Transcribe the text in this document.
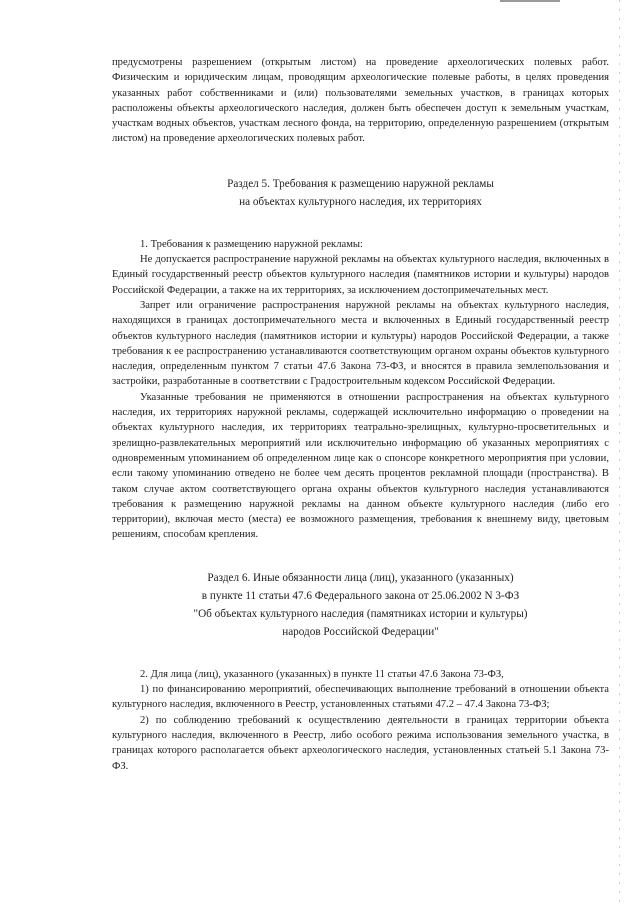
предусмотрены разрешением (открытым листом) на проведение археологических полевых работ. Физическим и юридическим лицам, проводящим археологические полевые работы, в целях проведения указанных работ собственниками и (или) пользователями земельных участков, в границах которых расположены объекты археологического наследия, должен быть обеспечен доступ к земельным участкам, участкам водных объектов, участкам лесного фонда, на территорию, определенную разрешением (открытым листом) на проведение археологических полевых работ.

Раздел 5. Требования к размещению наружной рекламы

на объектах культурного наследия, их территориях

1. Требования к размещению наружной рекламы:

Не допускается распространение наружной рекламы на объектах культурного наследия, включенных в Единый государственный реестр объектов культурного наследия (памятников истории и культуры) народов Российской Федерации, а также на их территориях, за исключением достопримечательных мест.

Запрет или ограничение распространения наружной рекламы на объектах культурного наследия, находящихся в границах достопримечательного места и включенных в Единый государственный реестр объектов культурного наследия (памятников истории и культуры) народов Российской Федерации, а также требования к ее распространению устанавливаются соответствующим органом охраны объектов культурного наследия, определенным пунктом 7 статьи 47.6 Закона 73-ФЗ, и вносятся в правила землепользования и застройки, разработанные в соответствии с Градостроительным кодексом Российской Федерации.

Указанные требования не применяются в отношении распространения на объектах культурного наследия, их территориях наружной рекламы, содержащей исключительно информацию о проведении на объектах культурного наследия, их территориях театрально-зрелищных, культурно-просветительных и зрелищно-развлекательных мероприятий или исключительно информацию об указанных мероприятиях с одновременным упоминанием об определенном лице как о спонсоре конкретного мероприятия при условии, если такому упоминанию отведено не более чем десять процентов рекламной площади (пространства). В таком случае актом соответствующего органа охраны объектов культурного наследия устанавливаются требования к размещению наружной рекламы на данном объекте культурного наследия (либо его территории), включая место (места) ее возможного размещения, требования к внешнему виду, цветовым решениям, способам крепления.

Раздел 6. Иные обязанности лица (лиц), указанного (указанных)

в пункте 11 статьи 47.6 Федерального закона от 25.06.2002 N 3-ФЗ

"Об объектах культурного наследия (памятниках истории и культуры)

народов Российской Федерации"

2. Для лица (лиц), указанного (указанных) в пункте 11 статьи 47.6 Закона 73-ФЗ,

1) по финансированию мероприятий, обеспечивающих выполнение требований в отношении объекта культурного наследия, включенного в Реестр, установленных статьями 47.2 – 47.4 Закона 73-ФЗ;

2) по соблюдению требований к осуществлению деятельности в границах территории объекта культурного наследия, включенного в Реестр, либо особого режима использования земельного участка, в границах которого располагается объект археологического наследия, установленных статьей 5.1 Закона 73-ФЗ.
